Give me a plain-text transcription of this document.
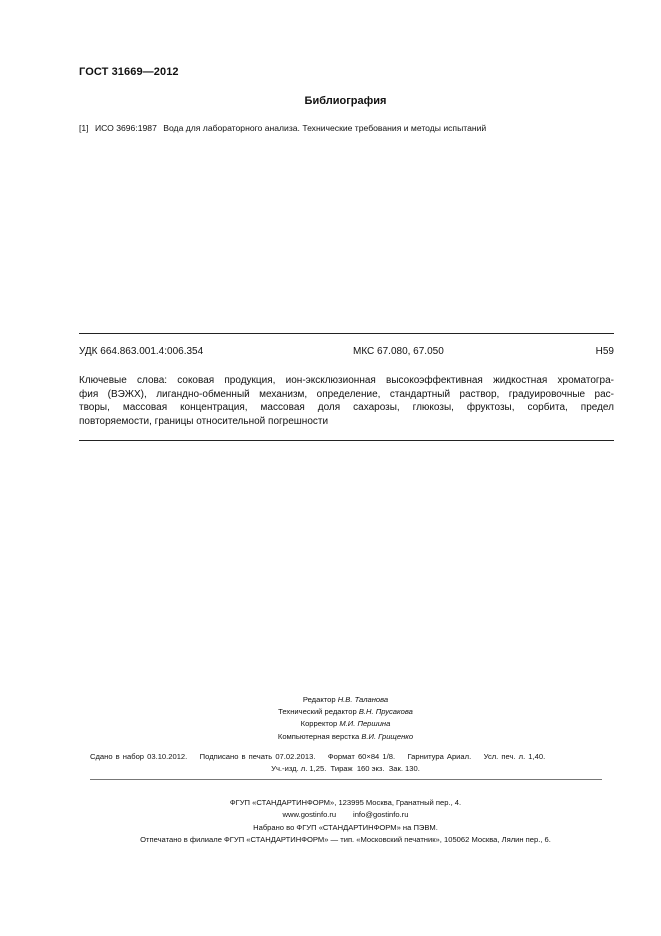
ГОСТ 31669—2012
Библиография
[1] ИСО 3696:1987 Вода для лабораторного анализа. Технические требования и методы испытаний
УДК 664.863.001.4:006.354	МКС 67.080, 67.050	Н59

Ключевые слова: соковая продукция, ион-эксклюзионная высокоэффективная жидкостная хроматогра-

фия (ВЭЖХ), лигандно-обменный механизм, определение, стандартный раствор, градуировочные рас-

творы, массовая концентрация, массовая доля сахарозы, глюкозы, фруктозы, сорбита, предел

повторяемости, границы относительной погрешности

Редактор Н.В. Таланова
Технический редактор В.Н. Прусакова
Корректор М.И. Першина
Компьютерная верстка В.И. Грищенко
Сдано в набор 03.10.2012.    Подписано в печать 07.02.2013.    Формат 60×84 1/8.    Гарнитура Ариал.    Усл. печ. л. 1,40.
Уч.-изд. л. 1,25.  Тираж  160 экз.  Зак. 130.
ФГУП «СТАНДАРТИНФОРМ», 123995 Москва, Гранатный пер., 4.
www.gostinfo.ru        info@gostinfo.ru
Набрано во ФГУП «СТАНДАРТИНФОРМ» на ПЭВМ.
Отпечатано в филиале ФГУП «СТАНДАРТИНФОРМ» — тип. «Московский печатник», 105062 Москва, Лялин пер., 6.
